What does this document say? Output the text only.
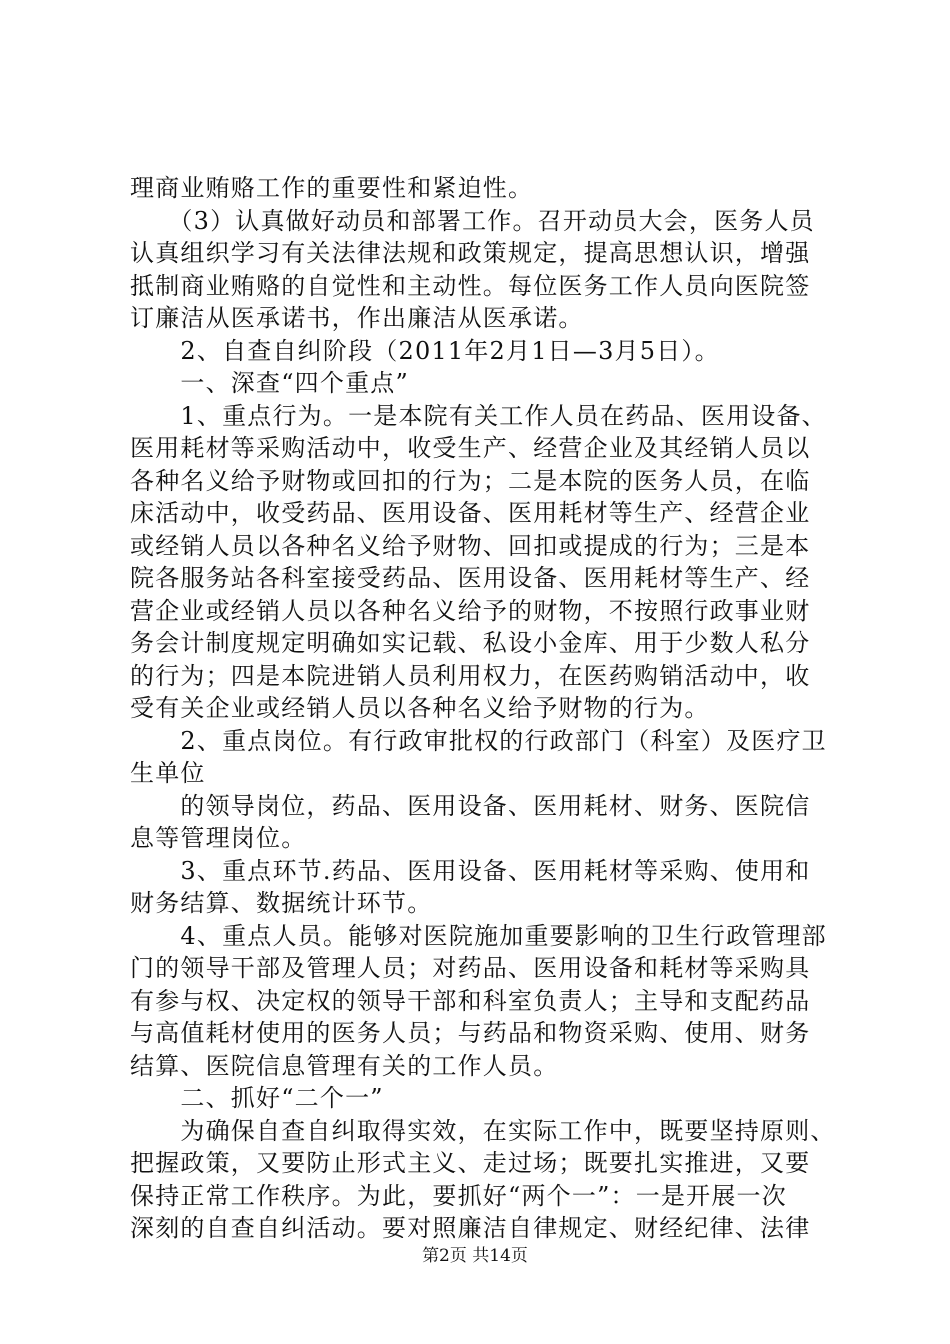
理商业贿赂工作的重要性和紧迫性。
　　（3）认真做好动员和部署工作。召开动员大会，医务人员
认真组织学习有关法律法规和政策规定，提高思想认识，增强
抵制商业贿赂的自觉性和主动性。每位医务工作人员向医院签
订廉洁从医承诺书，作出廉洁从医承诺。
　　2、自查自纠阶段（2011年2月1日—3月5日）。
　　一、深查“四个重点”
　　1、重点行为。一是本院有关工作人员在药品、医用设备、
医用耗材等采购活动中，收受生产、经营企业及其经销人员以
各种名义给予财物或回扣的行为；二是本院的医务人员，在临
床活动中，收受药品、医用设备、医用耗材等生产、经营企业
或经销人员以各种名义给予财物、回扣或提成的行为；三是本
院各服务站各科室接受药品、医用设备、医用耗材等生产、经
营企业或经销人员以各种名义给予的财物，不按照行政事业财
务会计制度规定明确如实记载、私设小金库、用于少数人私分
的行为；四是本院进销人员利用权力，在医药购销活动中，收
受有关企业或经销人员以各种名义给予财物的行为。
　　2、重点岗位。有行政审批权的行政部门（科室）及医疗卫
生单位
　　的领导岗位，药品、医用设备、医用耗材、财务、医院信
息等管理岗位。
　　3、重点环节.药品、医用设备、医用耗材等采购、使用和
财务结算、数据统计环节。
　　4、重点人员。能够对医院施加重要影响的卫生行政管理部
门的领导干部及管理人员；对药品、医用设备和耗材等采购具
有参与权、决定权的领导干部和科室负责人；主导和支配药品
与高值耗材使用的医务人员；与药品和物资采购、使用、财务
结算、医院信息管理有关的工作人员。
　　二、抓好“二个一”
　　为确保自查自纠取得实效，在实际工作中，既要坚持原则、
把握政策，又要防止形式主义、走过场；既要扎实推进，又要
保持正常工作秩序。为此，要抓好“两个一”：一是开展一次
深刻的自查自纠活动。要对照廉洁自律规定、财经纪律、法律
第2页 共14页
